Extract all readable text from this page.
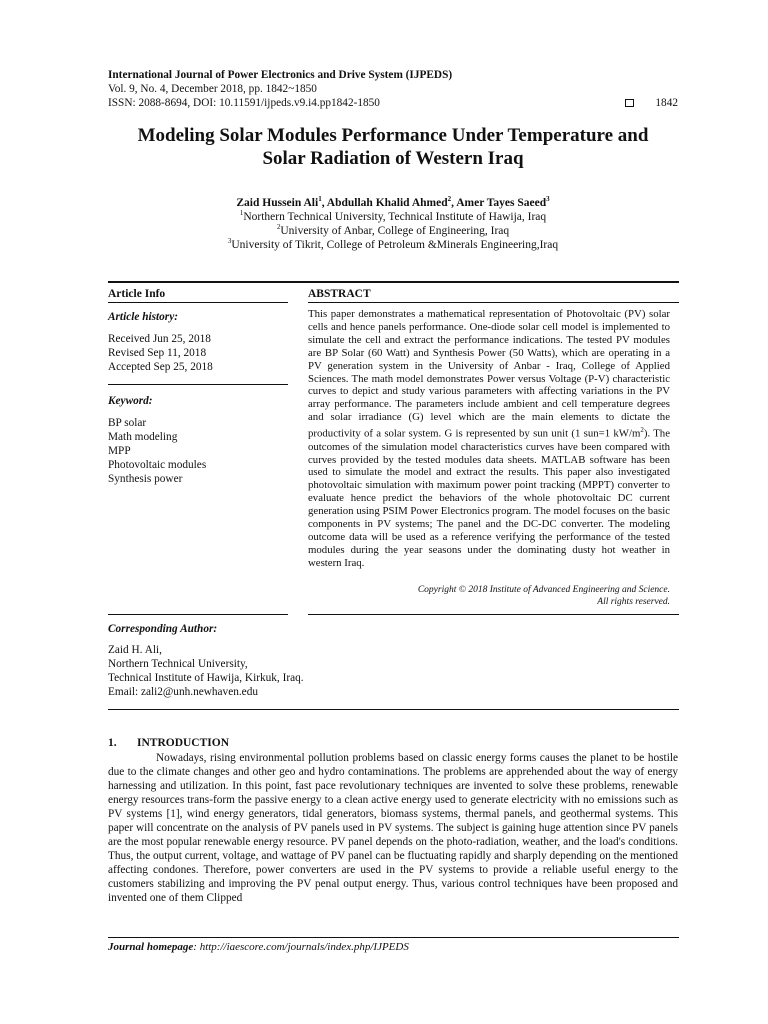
International Journal of Power Electronics and Drive System (IJPEDS)
Vol. 9, No. 4, December 2018, pp. 1842~1850
ISSN: 2088-8694, DOI: 10.11591/ijpeds.v9.i4.pp1842-1850	1842
Modeling Solar Modules Performance Under Temperature and
Solar Radiation of Western Iraq
Zaid Hussein Ali$^1$, Abdullah Khalid Ahmed$^2$, Amer Tayes Saeed$^3$
$^1$Northern Technical University, Technical Institute of Hawija, Iraq
$^2$University of Anbar, College of Engineering, Iraq
$^3$University of Tikrit, College of Petroleum &Minerals Engineering,Iraq
Article Info
Article history:
Received Jun 25, 2018
Revised Sep 11, 2018
Accepted Sep 25, 2018
Keyword:
BP solar
Math modeling
MPP
Photovoltaic modules
Synthesis power
ABSTRACT
This paper demonstrates a mathematical representation of Photovoltaic (PV) solar cells and hence panels performance. One-diode solar cell model is implemented to simulate the cell and extract the performance indications. The tested PV modules are BP Solar (60 Watt) and Synthesis Power (50 Watts), which are operating in a PV generation system in the University of Anbar - Iraq, College of Applied Sciences. The math model demonstrates Power versus Voltage (P-V) characteristic curves to depict and study various parameters with affecting variations in the PV array performance. The parameters include ambient and cell temperature degrees and solar irradiance (G) level which are the main elements to dictate the productivity of a solar system. G is represented by sun unit (1 sun=1 $kW/m^2$). The outcomes of the simulation model characteristics curves have been compared with curves provided by the tested modules data sheets. MATLAB software has been used to simulate the model and extract the results. This paper also investigated photovoltaic simulation with maximum power point tracking (MPPT) converter to evaluate hence predict the behaviors of the whole photovoltaic DC current generation using PSIM Power Electronics program. The model focuses on the basic components in PV systems; The panel and the DC-DC converter. The modeling outcome data will be used as a reference verifying the performance of the tested modules during the year seasons under the dominating dusty hot weather in western Iraq.
Copyright © 2018 Institute of Advanced Engineering and Science.
All rights reserved.
Corresponding Author:
Zaid H. Ali,
Northern Technical University,
Technical Institute of Hawija, Kirkuk, Iraq.
Email: zali2@unh.newhaven.edu
1. INTRODUCTION
Nowadays, rising environmental pollution problems based on classic energy forms causes the planet to be hostile due to the climate changes and other geo and hydro contaminations. The problems are apprehended about the way of energy harnessing and utilization. In this point, fast pace revolutionary techniques are invented to solve these problems, renewable energy resources trans-form the passive energy to a clean active energy used to generate electricity with no emissions such as PV systems [1], wind energy generators, tidal generators, biomass systems, thermal panels, and geothermal systems. This paper will concentrate on the analysis of PV panels used in PV systems. The subject is gaining huge attention since PV panels are the most popular renewable energy resource. PV panel depends on the photo-radiation, weather, and the load's conditions. Thus, the output current, voltage, and wattage of PV panel can be fluctuating rapidly and sharply depending on the mentioned affecting condones. Therefore, power converters are used in the PV systems to provide a reliable useful energy to the customers stabilizing and improving the PV penal output energy. Thus, various control techniques have been proposed and invented one of them Clipped
Journal homepage: http://iaescore.com/journals/index.php/IJPEDS
